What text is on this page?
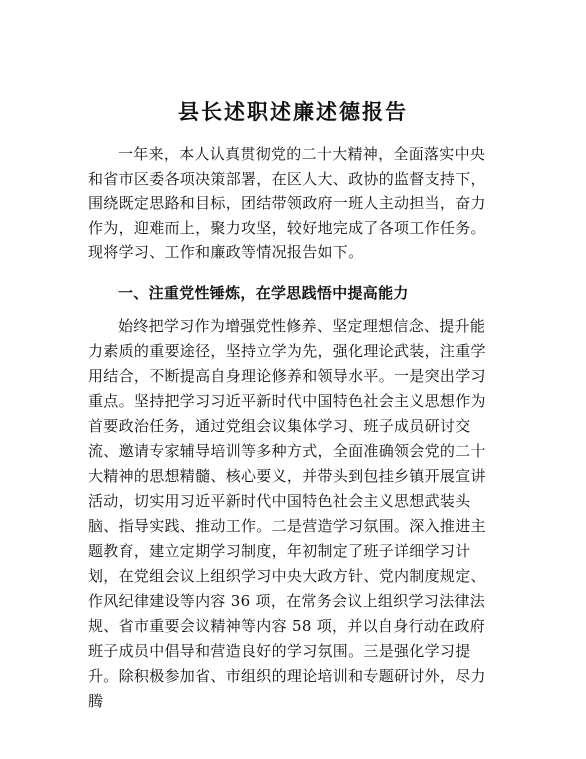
县长述职述廉述德报告

一年来，本人认真贯彻党的二十大精神，全面落实中央和省市区委各项决策部署，在区人大、政协的监督支持下，围绕既定思路和目标，团结带领政府一班人主动担当，奋力作为，迎难而上，聚力攻坚，较好地完成了各项工作任务。现将学习、工作和廉政等情况报告如下。

一、注重党性锤炼，在学思践悟中提高能力

始终把学习作为增强党性修养、坚定理想信念、提升能力素质的重要途径，坚持立学为先，强化理论武装，注重学用结合，不断提高自身理论修养和领导水平。一是突出学习重点。坚持把学习习近平新时代中国特色社会主义思想作为首要政治任务，通过党组会议集体学习、班子成员研讨交流、邀请专家辅导培训等多种方式，全面准确领会党的二十大精神的思想精髓、核心要义，并带头到包挂乡镇开展宣讲活动，切实用习近平新时代中国特色社会主义思想武装头脑、指导实践、推动工作。二是营造学习氛围。深入推进主题教育，建立定期学习制度，年初制定了班子详细学习计划，在党组会议上组织学习中央大政方针、党内制度规定、作风纪律建设等内容 36 项，在常务会议上组织学习法律法规、省市重要会议精神等内容 58 项，并以自身行动在政府班子成员中倡导和营造良好的学习氛围。三是强化学习提升。除积极参加省、市组织的理论培训和专题研讨外，尽力腾
